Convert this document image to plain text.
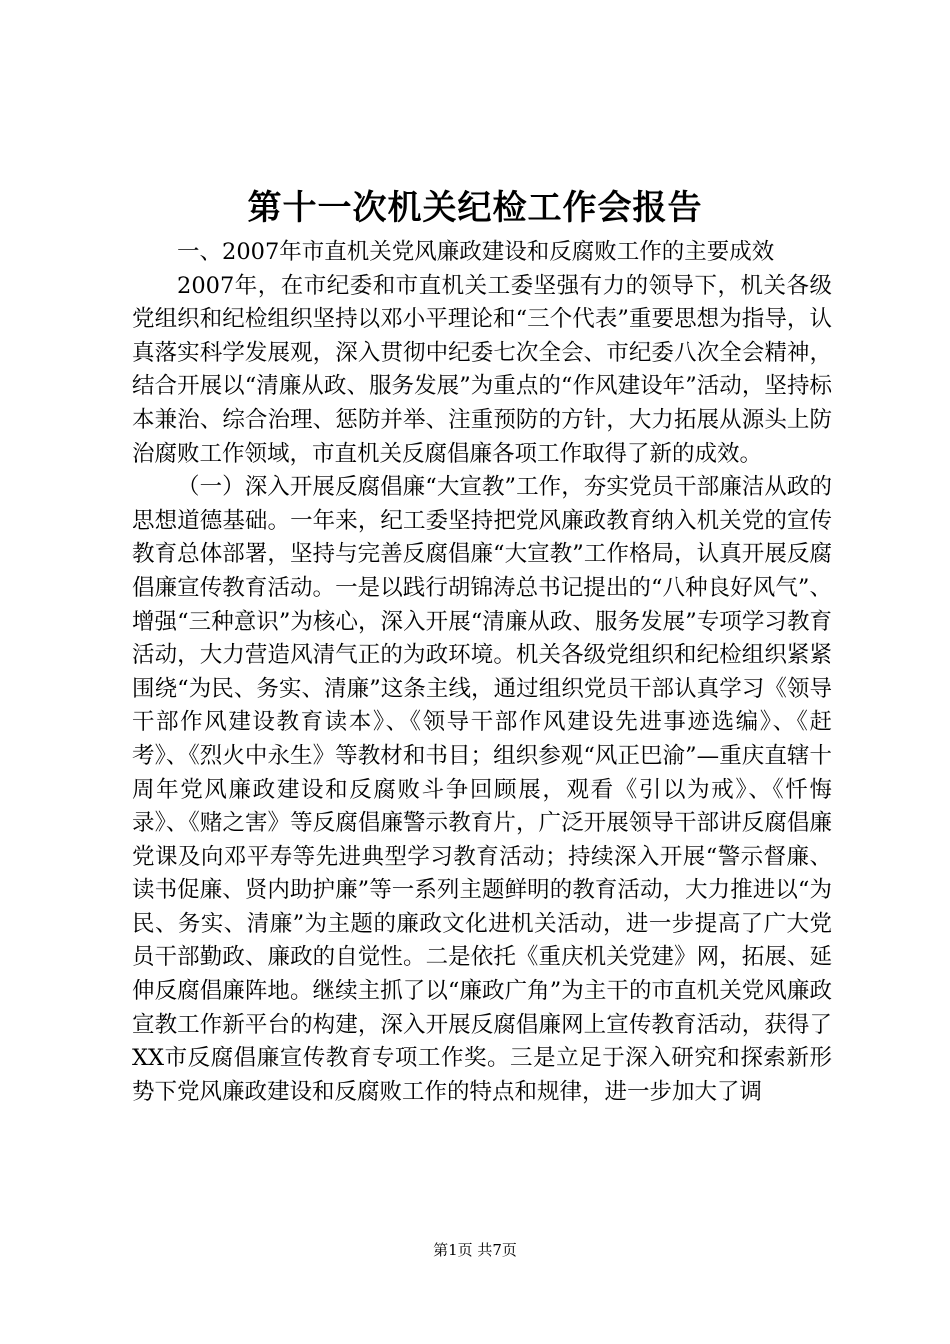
第十一次机关纪检工作会报告

一、2007年市直机关党风廉政建设和反腐败工作的主要成效

2007年，在市纪委和市直机关工委坚强有力的领导下，机关各级党组织和纪检组织坚持以邓小平理论和“三个代表”重要思想为指导，认真落实科学发展观，深入贯彻中纪委七次全会、市纪委八次全会精神，结合开展以“清廉从政、服务发展”为重点的“作风建设年”活动，坚持标本兼治、综合治理、惩防并举、注重预防的方针，大力拓展从源头上防治腐败工作领域，市直机关反腐倡廉各项工作取得了新的成效。

（一）深入开展反腐倡廉“大宣教”工作，夯实党员干部廉洁从政的思想道德基础。一年来，纪工委坚持把党风廉政教育纳入机关党的宣传教育总体部署，坚持与完善反腐倡廉“大宣教”工作格局，认真开展反腐倡廉宣传教育活动。一是以践行胡锦涛总书记提出的“八种良好风气”、增强“三种意识”为核心，深入开展“清廉从政、服务发展”专项学习教育活动，大力营造风清气正的为政环境。机关各级党组织和纪检组织紧紧围绕“为民、务实、清廉”这条主线，通过组织党员干部认真学习《领导干部作风建设教育读本》、《领导干部作风建设先进事迹选编》、《赶考》、《烈火中永生》等教材和书目；组织参观“风正巴渝”—重庆直辖十周年党风廉政建设和反腐败斗争回顾展，观看《引以为戒》、《忏悔录》、《赌之害》等反腐倡廉警示教育片，广泛开展领导干部讲反腐倡廉党课及向邓平寿等先进典型学习教育活动；持续深入开展“警示督廉、读书促廉、贤内助护廉”等一系列主题鲜明的教育活动，大力推进以“为民、务实、清廉”为主题的廉政文化进机关活动，进一步提高了广大党员干部勤政、廉政的自觉性。二是依托《重庆机关党建》网，拓展、延伸反腐倡廉阵地。继续主抓了以“廉政广角”为主干的市直机关党风廉政宣教工作新平台的构建，深入开展反腐倡廉网上宣传教育活动，获得了XX市反腐倡廉宣传教育专项工作奖。三是立足于深入研究和探索新形势下党风廉政建设和反腐败工作的特点和规律，进一步加大了调

第1页 共7页
